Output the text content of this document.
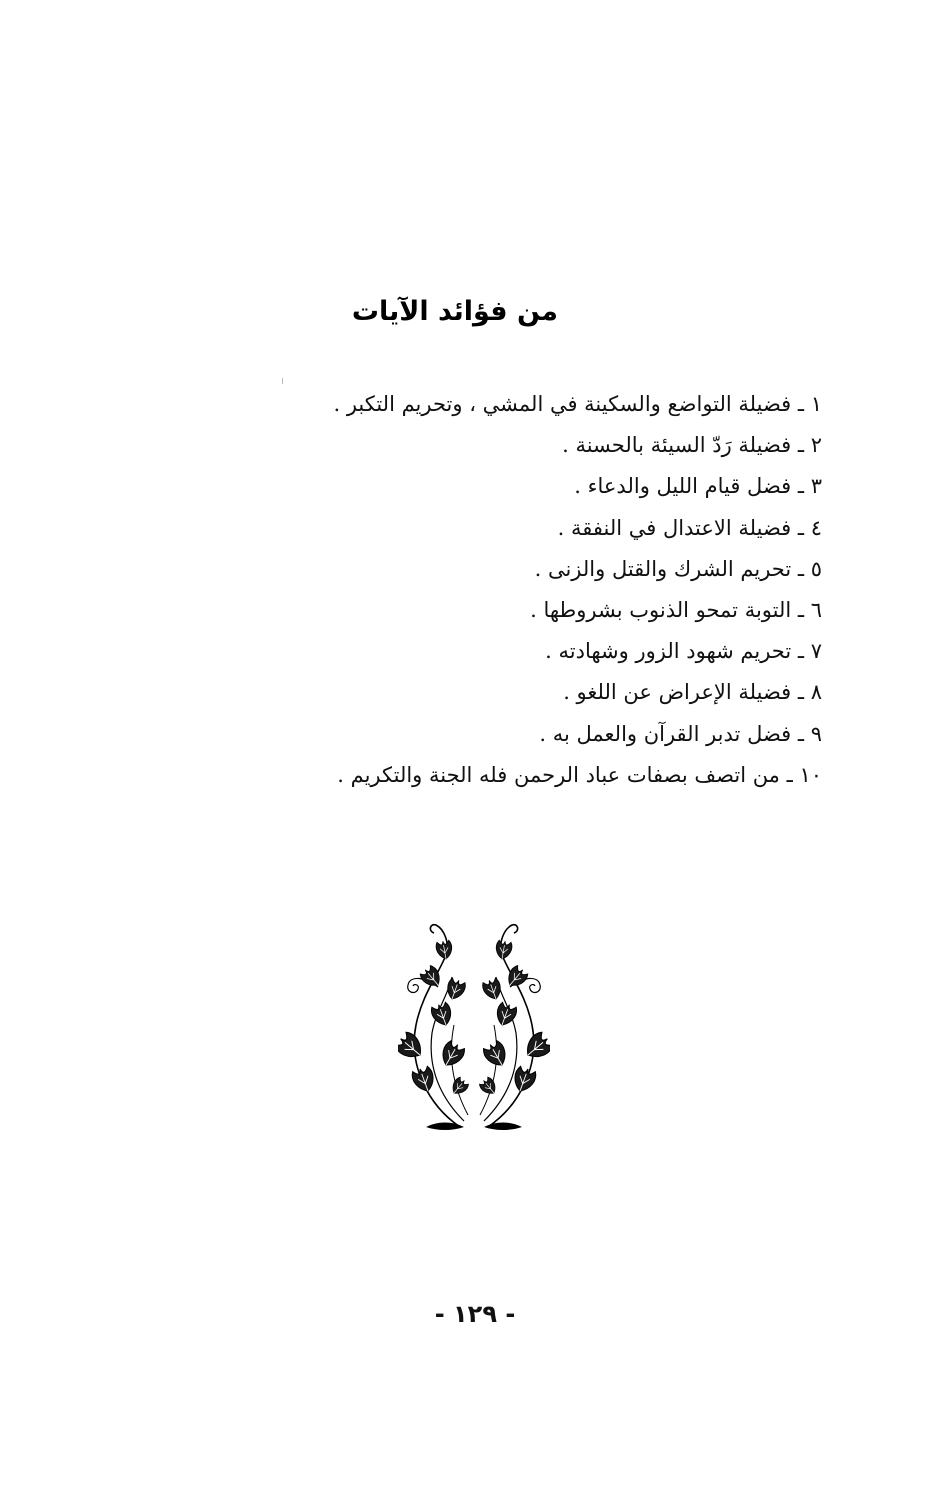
من فؤائد الآيات
١ ـ فضيلة التواضع والسكينة في المشي ، وتحريم التكبر .
٢ ـ فضيلة رَدّ السيئة بالحسنة .
٣ ـ فضل قيام الليل والدعاء .
٤ ـ فضيلة الاعتدال في النفقة .
٥ ـ تحريم الشرك والقتل والزنى .
٦ ـ التوبة تمحو الذنوب بشروطها .
٧ ـ تحريم شهود الزور وشهادته .
٨ ـ فضيلة الإعراض عن اللغو .
٩ ـ فضل تدبر القرآن والعمل به .
١٠ ـ من اتصف بصفات عباد الرحمن فله الجنة والتكريم .
- ١٢٩ -
